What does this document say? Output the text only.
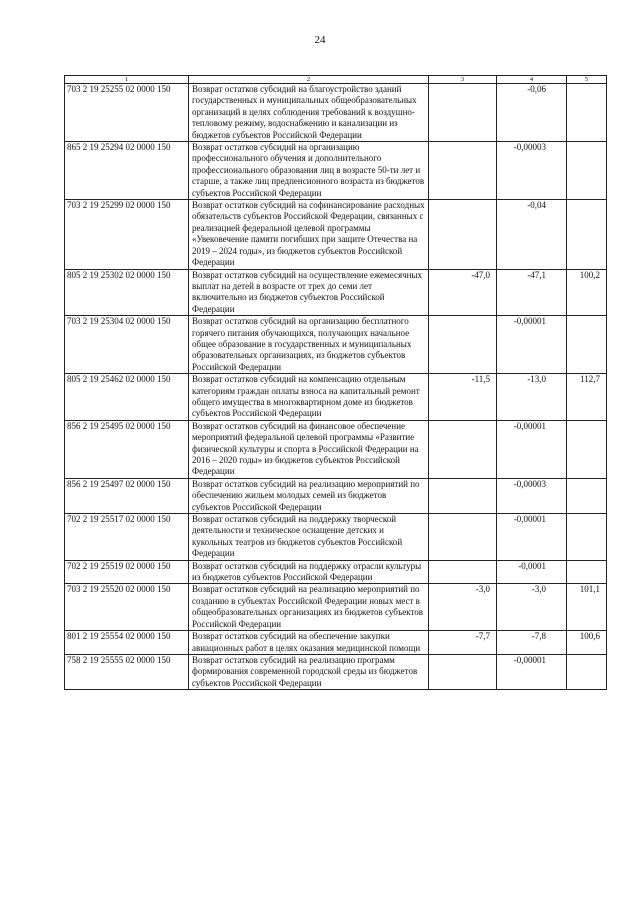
24
1	2	3	4	5
703 2 19 25255 02 0000 150	Возврат остатков субсидий на благоустройство зданий государственных и муниципальных общеобразовательных организаций в целях соблюдения требований к воздушно-тепловому режиму, водоснабжению и канализации из бюджетов субъектов Российской Федерации		-0,06	
865 2 19 25294 02 0000 150	Возврат остатков субсидий на организацию профессионального обучения и дополнительного профессионального образования лиц в возрасте 50-ти лет и старше, а также лиц предпенсионного возраста из бюджетов субъектов Российской Федерации		-0,00003	
703 2 19 25299 02 0000 150	Возврат остатков субсидий на софинансирование расходных обязательств субъектов Российской Федерации, связанных с реализацией федеральной целевой программы «Увековечение памяти погибших при защите Отечества на 2019 – 2024 годы», из бюджетов субъектов Российской Федерации		-0,04	
805 2 19 25302 02 0000 150	Возврат остатков субсидий на осуществление ежемесячных выплат на детей в возрасте от трех до семи лет включительно из бюджетов субъектов Российской Федерации	-47,0	-47,1	100,2
703 2 19 25304 02 0000 150	Возврат остатков субсидий на организацию бесплатного горячего питания обучающихся, получающих начальное общее образование в государственных и муниципальных образовательных организациях, из бюджетов субъектов Российской Федерации		-0,00001	
805 2 19 25462 02 0000 150	Возврат остатков субсидий на компенсацию отдельным категориям граждан оплаты взноса на капитальный ремонт общего имущества в многоквартирном доме из бюджетов субъектов Российской Федерации	-11,5	-13,0	112,7
856 2 19 25495 02 0000 150	Возврат остатков субсидий на финансовое обеспечение мероприятий федеральной целевой программы «Развитие физической культуры и спорта в Российской Федерации на 2016 – 2020 годы» из бюджетов субъектов Российской Федерации		-0,00001	
856 2 19 25497 02 0000 150	Возврат остатков субсидий на реализацию мероприятий по обеспечению жильем молодых семей из бюджетов субъектов Российской Федерации		-0,00003	
702 2 19 25517 02 0000 150	Возврат остатков субсидий на поддержку творческой деятельности и техническое оснащение детских и кукольных театров из бюджетов субъектов Российской Федерации		-0,00001	
702 2 19 25519 02 0000 150	Возврат остатков субсидий на поддержку отрасли культуры из бюджетов субъектов Российской Федерации		-0,0001	
703 2 19 25520 02 0000 150	Возврат остатков субсидий на реализацию мероприятий по созданию в субъектах Российской Федерации новых мест в общеобразовательных организациях из бюджетов субъектов Российской Федерации	-3,0	-3,0	101,1
801 2 19 25554 02 0000 150	Возврат остатков субсидий на обеспечение закупки авиационных работ в целях оказания медицинской помощи	-7,7	-7,8	100,6
758 2 19 25555 02 0000 150	Возврат остатков субсидий на реализацию программ формирования современной городской среды из бюджетов субъектов Российской Федерации		-0,00001	
